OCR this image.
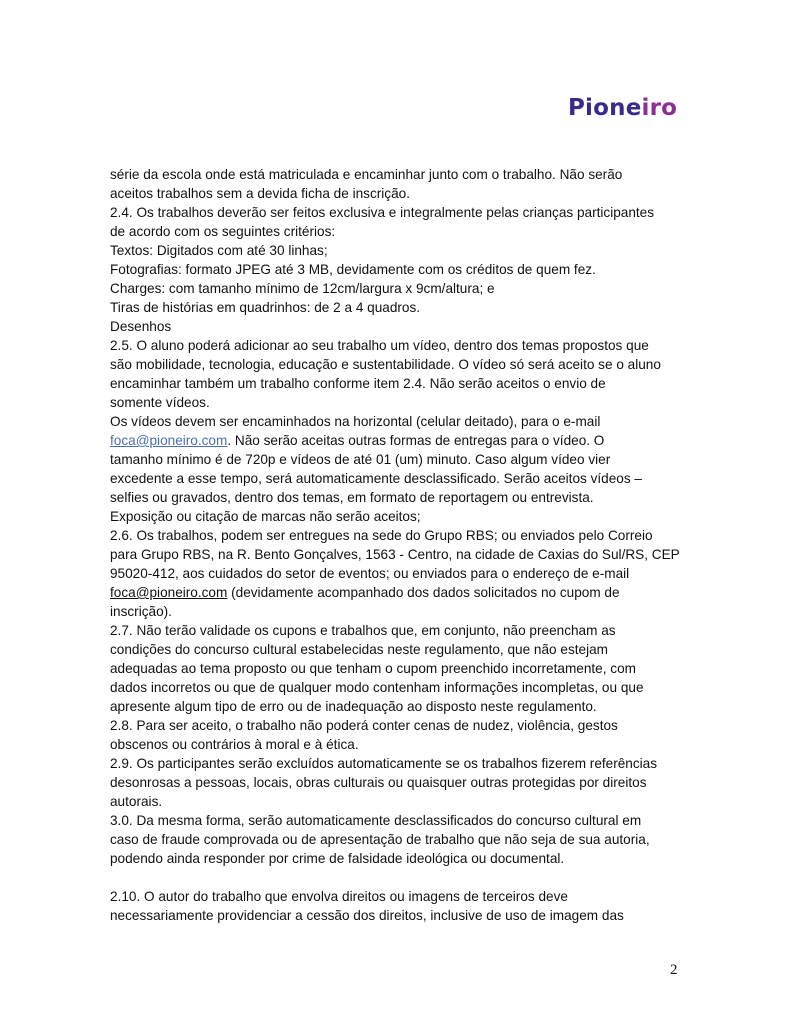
Pioneiro

série da escola onde está matriculada e encaminhar junto com o trabalho. Não serão

aceitos trabalhos sem a devida ficha de inscrição.

2.4. Os trabalhos deverão ser feitos exclusiva e integralmente pelas crianças participantes

de acordo com os seguintes critérios:

Textos: Digitados com até 30 linhas;

Fotografias: formato JPEG até 3 MB, devidamente com os créditos de quem fez.

Charges: com tamanho mínimo de 12cm/largura x 9cm/altura; e

Tiras de histórias em quadrinhos: de 2 a 4 quadros.

Desenhos

2.5. O aluno poderá adicionar ao seu trabalho um vídeo, dentro dos temas propostos que

são mobilidade, tecnologia, educação e sustentabilidade. O vídeo só será aceito se o aluno

encaminhar também um trabalho conforme item 2.4. Não serão aceitos o envio de

somente vídeos.

Os vídeos devem ser encaminhados na horizontal (celular deitado), para o e-mail

foca@pioneiro.com. Não serão aceitas outras formas de entregas para o vídeo. O

tamanho mínimo é de 720p e vídeos de até 01 (um) minuto. Caso algum vídeo vier

excedente a esse tempo, será automaticamente desclassificado. Serão aceitos vídeos –

selfies ou gravados, dentro dos temas, em formato de reportagem ou entrevista.

Exposição ou citação de marcas não serão aceitos;

2.6. Os trabalhos, podem ser entregues na sede do Grupo RBS; ou enviados pelo Correio

para Grupo RBS, na R. Bento Gonçalves, 1563 - Centro, na cidade de Caxias do Sul/RS, CEP

95020-412, aos cuidados do setor de eventos; ou enviados para o endereço de e-mail

foca@pioneiro.com (devidamente acompanhado dos dados solicitados no cupom de

inscrição).

2.7. Não terão validade os cupons e trabalhos que, em conjunto, não preencham as

condições do concurso cultural estabelecidas neste regulamento, que não estejam

adequadas ao tema proposto ou que tenham o cupom preenchido incorretamente, com

dados incorretos ou que de qualquer modo contenham informações incompletas, ou que

apresente algum tipo de erro ou de inadequação ao disposto neste regulamento.

2.8. Para ser aceito, o trabalho não poderá conter cenas de nudez, violência, gestos

obscenos ou contrários à moral e à ética.

2.9. Os participantes serão excluídos automaticamente se os trabalhos fizerem referências

desonrosas a pessoas, locais, obras culturais ou quaisquer outras protegidas por direitos

autorais.

3.0. Da mesma forma, serão automaticamente desclassificados do concurso cultural em

caso de fraude comprovada ou de apresentação de trabalho que não seja de sua autoria,

podendo ainda responder por crime de falsidade ideológica ou documental.

2.10. O autor do trabalho que envolva direitos ou imagens de terceiros deve

necessariamente providenciar a cessão dos direitos, inclusive de uso de imagem das

2
